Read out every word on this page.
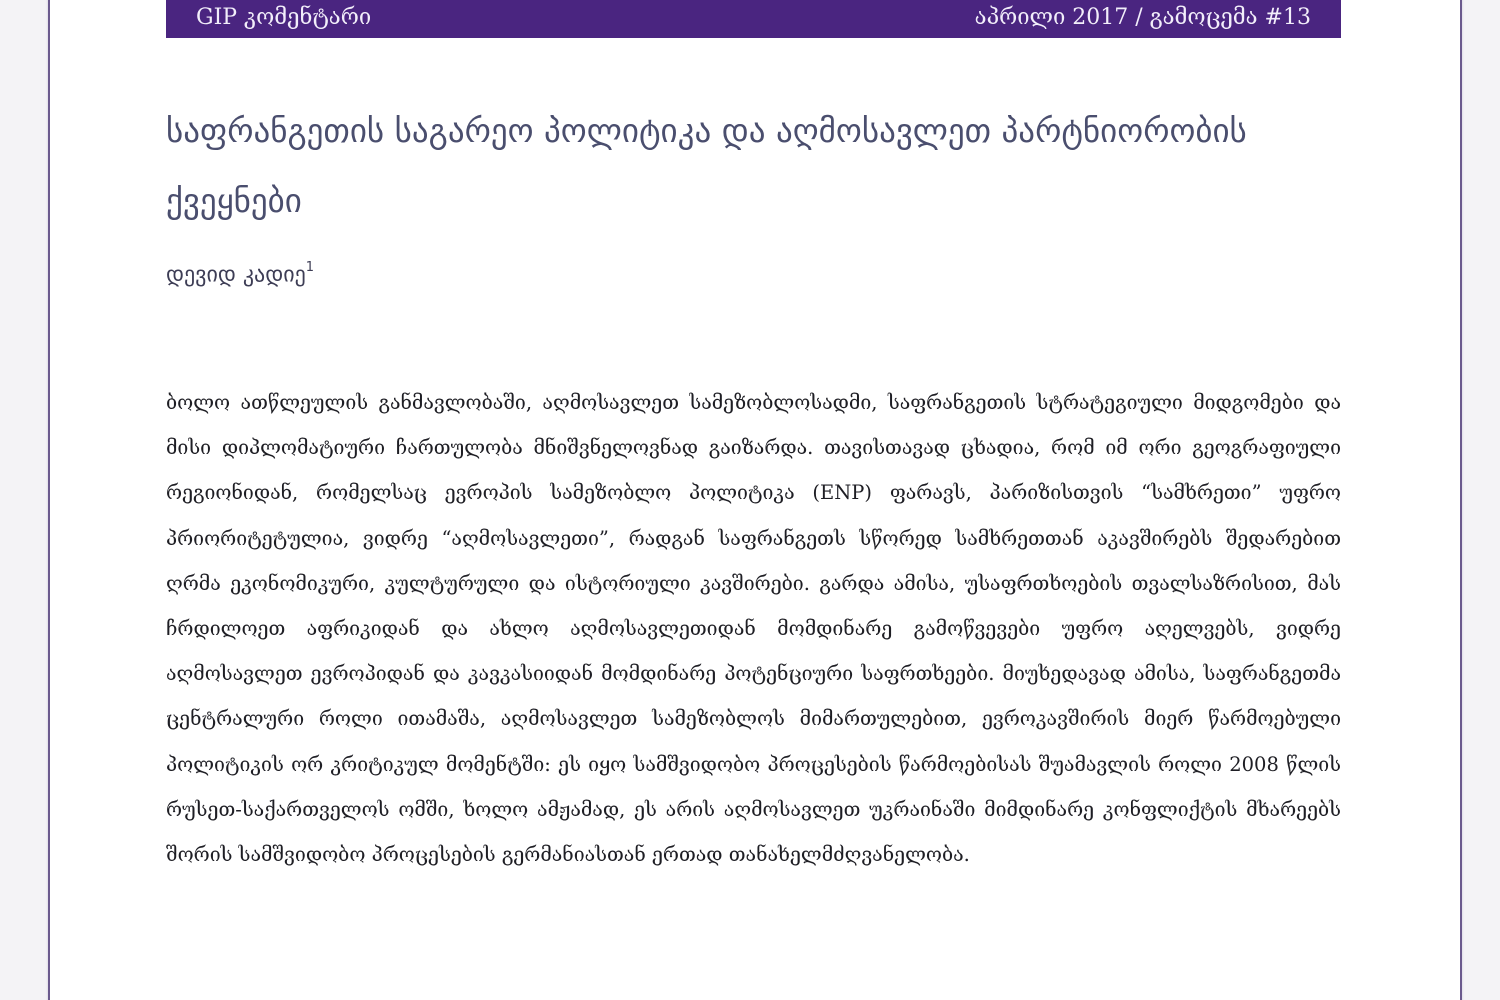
GIP კომენტარი	აპრილი 2017 / გამოცემა #13
საფრანგეთის საგარეო პოლიტიკა და აღმოსავლეთ პარტნიორობის ქვეყნები
დევიდ კადიე$^1$

ბოლო ათწლეულის განმავლობაში, აღმოსავლეთ სამეზობლოსადმი, საფრანგეთის სტრატეგიული მიდგომები და მისი დიპლომატიური ჩართულობა მნიშვნელოვნად გაიზარდა. თავისთავად ცხადია, რომ იმ ორი გეოგრაფიული რეგიონიდან, რომელსაც ევროპის სამეზობლო პოლიტიკა (ENP) ფარავს, პარიზისთვის “სამხრეთი” უფრო პრიორიტეტულია, ვიდრე “აღმოსავლეთი”, რადგან საფრანგეთს სწორედ სამხრეთთან აკავშირებს შედარებით ღრმა ეკონომიკური, კულტურული და ისტორიული კავშირები. გარდა ამისა, უსაფრთხოების თვალსაზრისით, მას ჩრდილოეთ აფრიკიდან და ახლო აღმოსავლეთიდან მომდინარე გამოწვევები უფრო აღელვებს, ვიდრე აღმოსავლეთ ევროპიდან და კავკასიიდან მომდინარე პოტენციური საფრთხეები. მიუხედავად ამისა, საფრანგეთმა ცენტრალური როლი ითამაშა, აღმოსავლეთ სამეზობლოს მიმართულებით, ევროკავშირის მიერ წარმოებული პოლიტიკის ორ კრიტიკულ მომენტში: ეს იყო სამშვიდობო პროცესების წარმოებისას შუამავლის როლი 2008 წლის რუსეთ-საქართველოს ომში, ხოლო ამჟამად, ეს არის აღმოსავლეთ უკრაინაში მიმდინარე კონფლიქტის მხარეებს შორის სამშვიდობო პროცესების გერმანიასთან ერთად თანახელმძღვანელობა.
